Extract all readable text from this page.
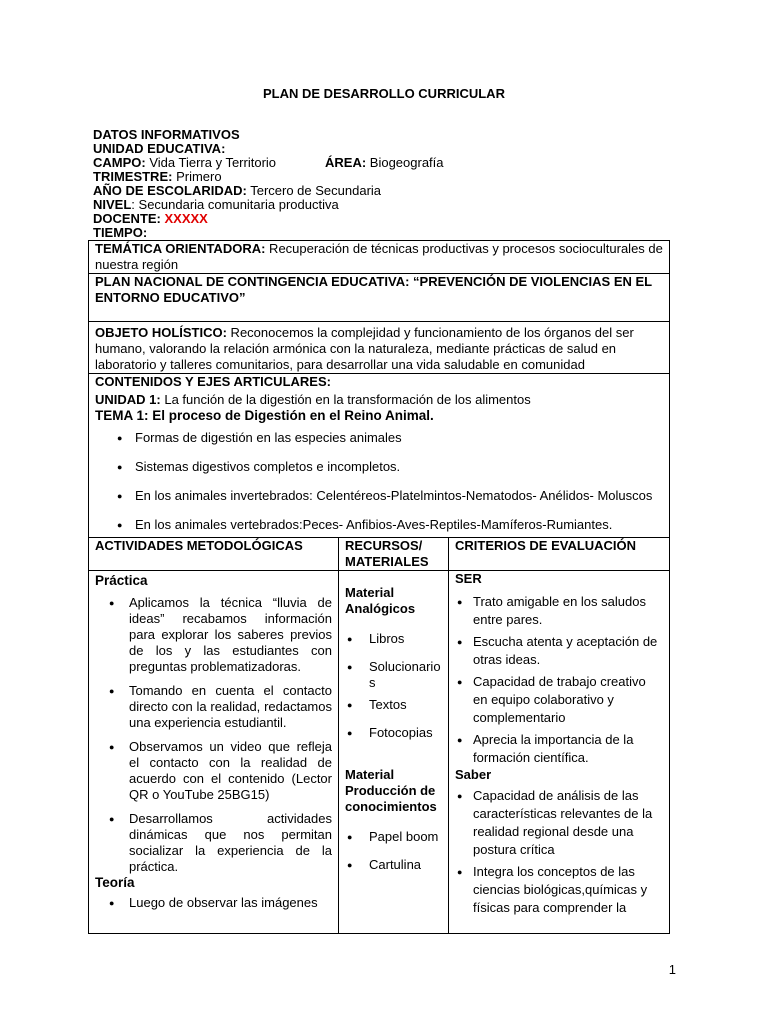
PLAN DE DESARROLLO CURRICULAR
DATOS INFORMATIVOS
UNIDAD EDUCATIVA:
CAMPO: Vida Tierra y Territorio	ÁREA: Biogeografía
TRIMESTRE: Primero
AÑO DE ESCOLARIDAD: Tercero de Secundaria
NIVEL: Secundaria comunitaria productiva
DOCENTE: XXXXX
TIEMPO:
TEMÁTICA ORIENTADORA: Recuperación de técnicas productivas y procesos socioculturales de nuestra región
PLAN NACIONAL DE CONTINGENCIA EDUCATIVA: “PREVENCIÓN DE VIOLENCIAS EN EL ENTORNO EDUCATIVO”
OBJETO HOLÍSTICO: Reconocemos la complejidad y funcionamiento de los órganos del ser humano, valorando la relación armónica con la naturaleza, mediante prácticas de salud en laboratorio y talleres comunitarios, para desarrollar una vida saludable en comunidad
CONTENIDOS Y EJES ARTICULARES:
UNIDAD 1: La función de la digestión en la transformación de los alimentos
TEMA 1: El proceso de Digestión en el Reino Animal.
● Formas de digestión en las especies animales
● Sistemas digestivos completos e incompletos.
● En los animales invertebrados: Celentéreos-Platelmintos-Nematodos- Anélidos- Moluscos
● En los animales vertebrados:Peces- Anfibios-Aves-Reptiles-Mamíferos-Rumiantes.
ACTIVIDADES METODOLÓGICAS	RECURSOS/ MATERIALES
CRITERIOS DE EVALUACIÓN
Práctica
● Aplicamos la técnica “lluvia de ideas” recabamos información para explorar los saberes previos de los y las estudiantes con preguntas problematizadoras.
● Tomando en cuenta el contacto directo con la realidad, redactamos una experiencia estudiantil.
● Observamos un video que refleja el contacto con la realidad de acuerdo con el contenido (Lector QR o YouTube 25BG15)
● Desarrollamos actividades dinámicas que nos permitan socializar la experiencia de la práctica.
Teoría
● Luego de observar las imágenes
Material Analógicos
● Libros
● Solucionarios
● Textos
● Fotocopias
Material Producción de conocimientos
● Papel boom
● Cartulina
SER
● Trato amigable en los saludos entre pares.
● Escucha atenta y aceptación de otras ideas.
● Capacidad de trabajo creativo en equipo colaborativo y complementario
● Aprecia la importancia de la formación científica.
Saber
● Capacidad de análisis de las características relevantes de la realidad regional desde una postura crítica
● Integra los conceptos de las ciencias biológicas,químicas y físicas para comprender la
1
